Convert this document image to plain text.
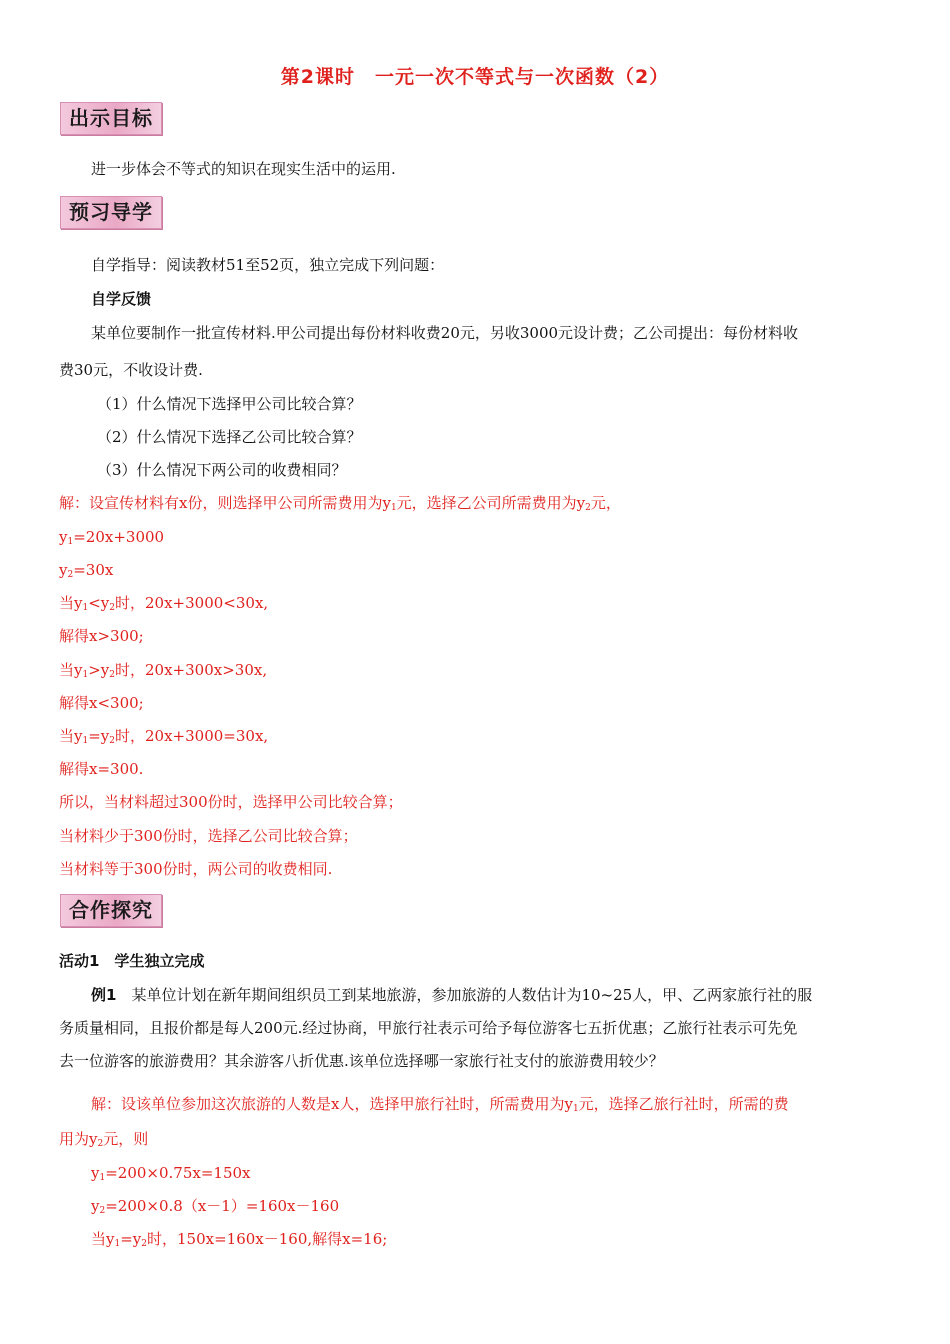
第2课时　一元一次不等式与一次函数（2）
出示目标
进一步体会不等式的知识在现实生活中的运用.
预习导学
自学指导：阅读教材51至52页，独立完成下列问题：
自学反馈
某单位要制作一批宣传材料.甲公司提出每份材料收费20元，另收3000元设计费；乙公司提出：每份材料收
费30元，不收设计费.
（1）什么情况下选择甲公司比较合算？
（2）什么情况下选择乙公司比较合算？
（3）什么情况下两公司的收费相同？
解：设宣传材料有x份，则选择甲公司所需费用为$y_1$元，选择乙公司所需费用为$y_2$元，
$y_1=20x+3000$
$y_2=30x$
当$y_1<y_2$时，20x+3000<30x,
解得x>300;
当$y_1>y_2$时，20x+300x>30x,
解得x<300;
当$y_1=y_2$时，20x+3000=30x,
解得x=300.
所以，当材料超过300份时，选择甲公司比较合算；
当材料少于300份时，选择乙公司比较合算；
当材料等于300份时，两公司的收费相同.
合作探究
活动1　学生独立完成
例1　某单位计划在新年期间组织员工到某地旅游，参加旅游的人数估计为10~25人，甲、乙两家旅行社的服
务质量相同，且报价都是每人200元.经过协商，甲旅行社表示可给予每位游客七五折优惠；乙旅行社表示可先免
去一位游客的旅游费用？其余游客八折优惠.该单位选择哪一家旅行社支付的旅游费用较少？
解：设该单位参加这次旅游的人数是x人，选择甲旅行社时，所需费用为$y_1$元，选择乙旅行社时，所需的费
用为$y_2$元，则
$y_1=200\times 0.75x=150x$
$y_2=200\times 0.8(x-1)=160x-160$
当$y_1=y_2$时，150x=160x－160,解得x=16;
